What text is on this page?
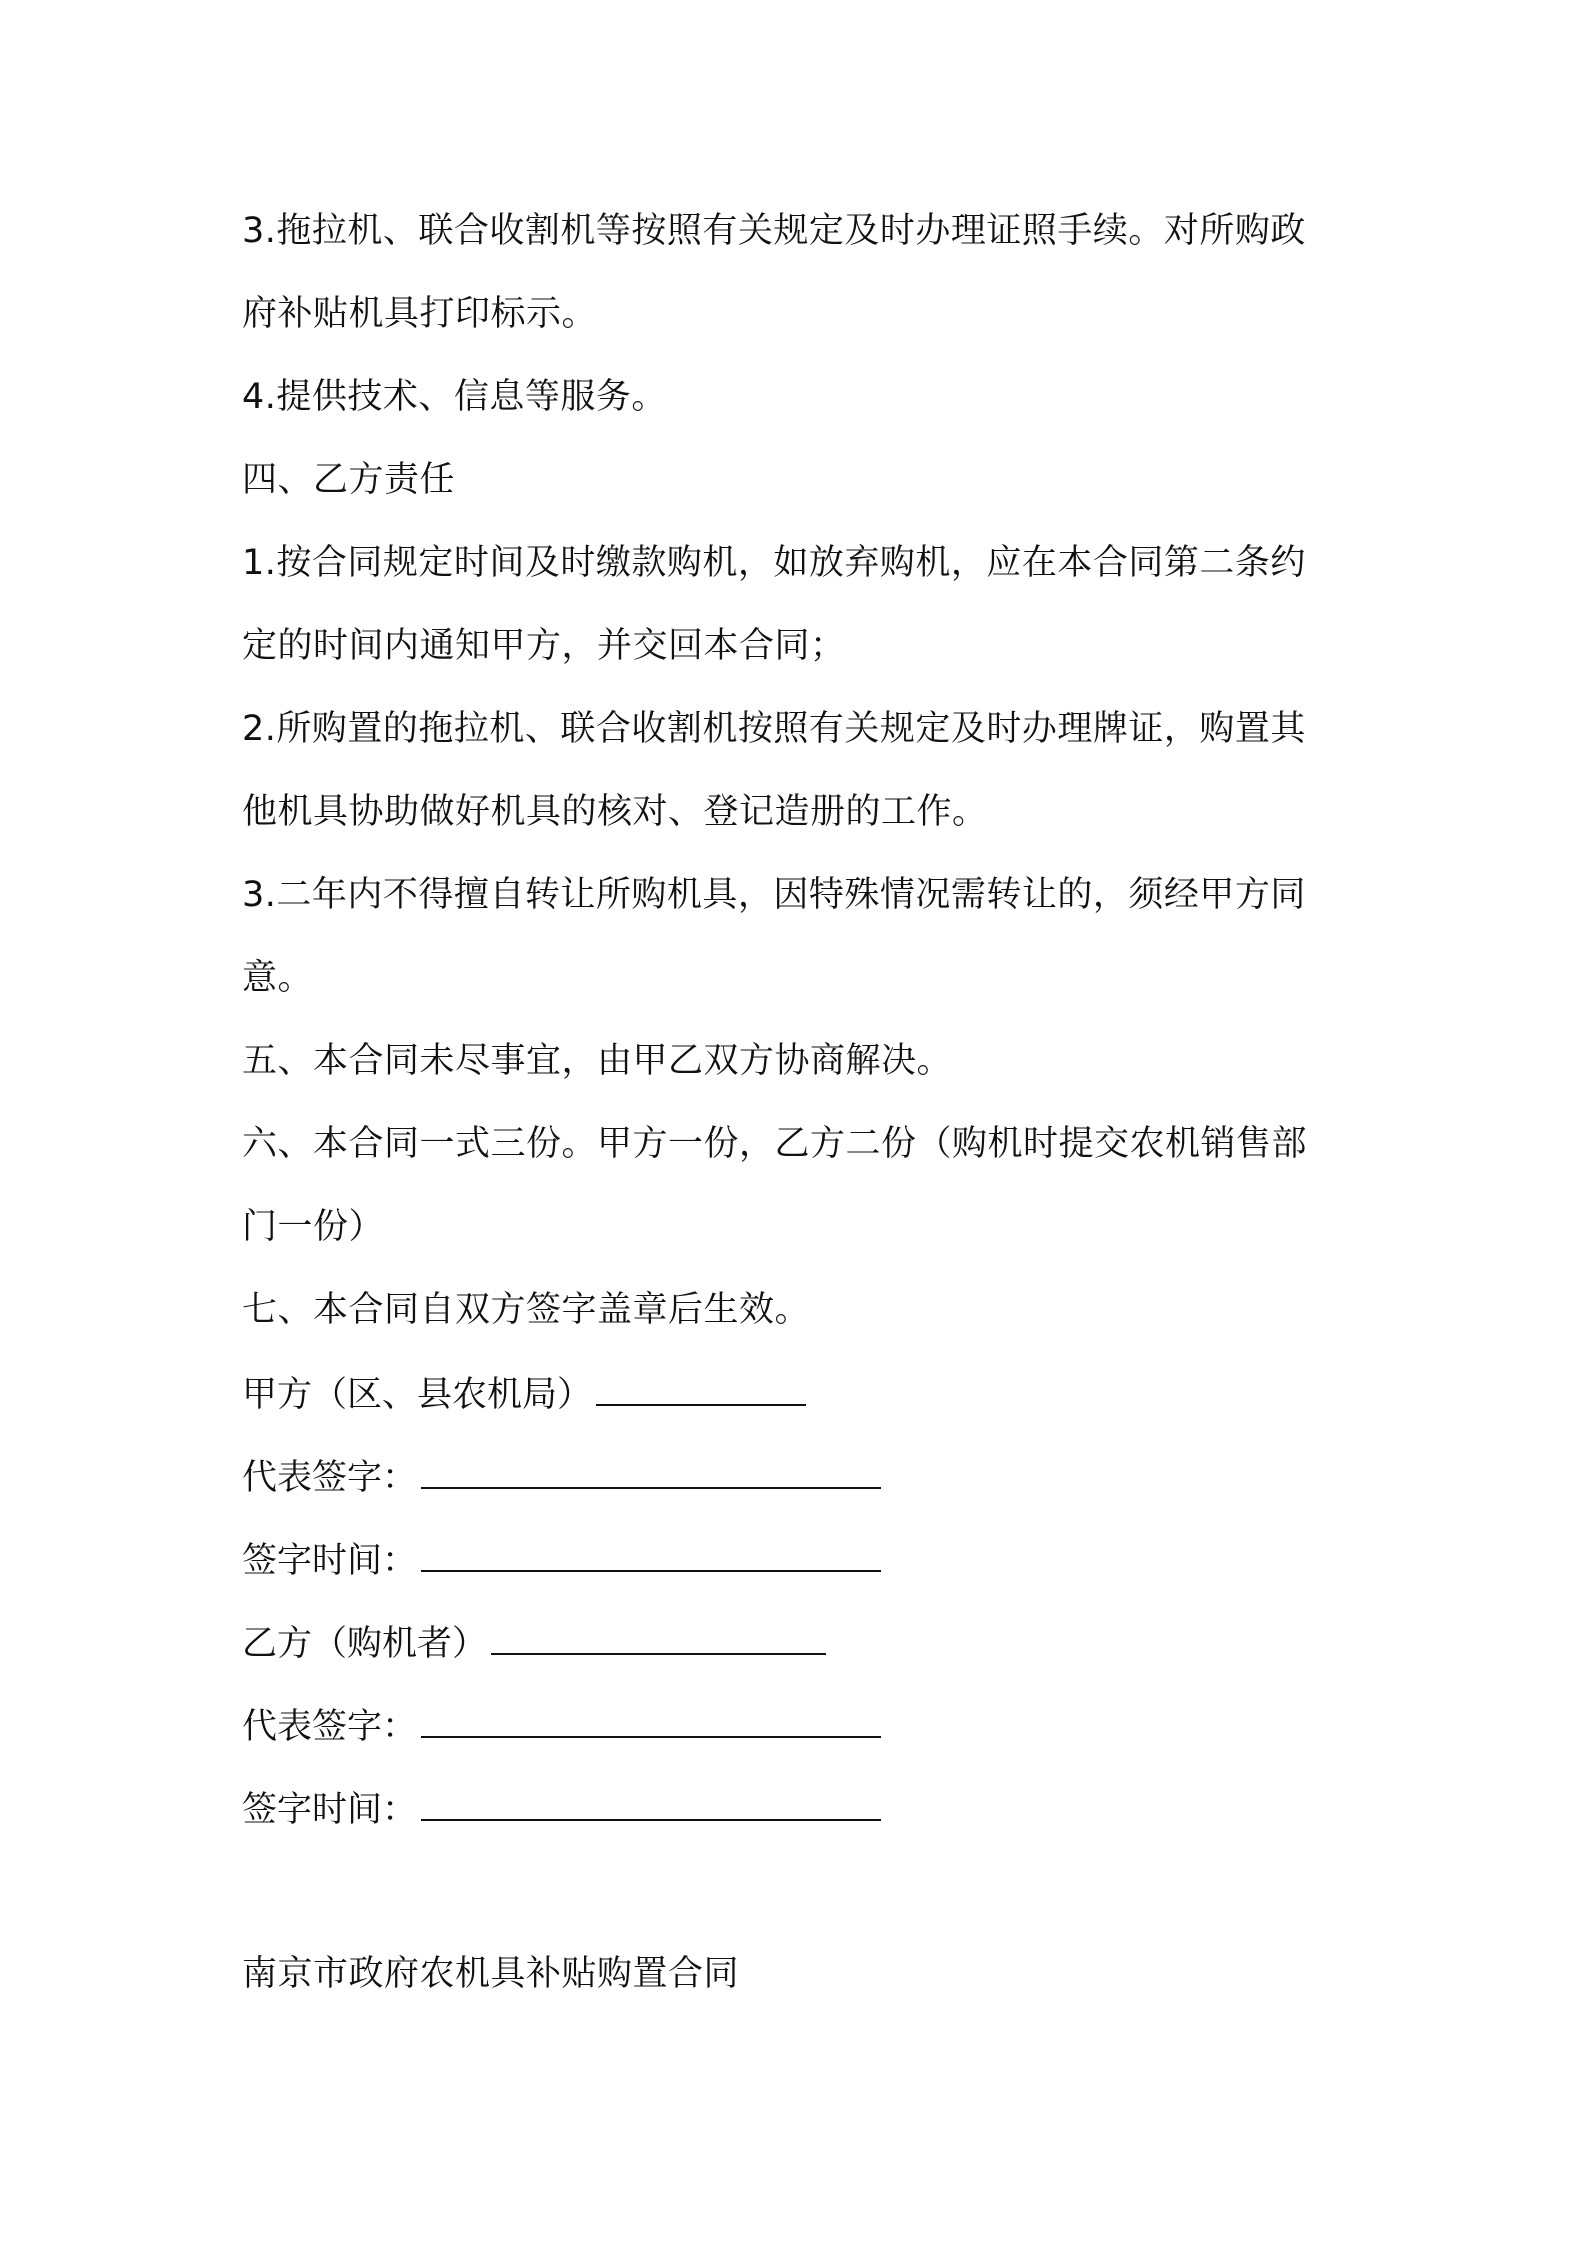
3.拖拉机、联合收割机等按照有关规定及时办理证照手续。对所购政
府补贴机具打印标示。
4.提供技术、信息等服务。
四、乙方责任
1.按合同规定时间及时缴款购机，如放弃购机，应在本合同第二条约
定的时间内通知甲方，并交回本合同；
2.所购置的拖拉机、联合收割机按照有关规定及时办理牌证，购置其
他机具协助做好机具的核对、登记造册的工作。
3.二年内不得擅自转让所购机具，因特殊情况需转让的，须经甲方同
意。
五、本合同未尽事宜，由甲乙双方协商解决。
六、本合同一式三份。甲方一份，乙方二份（购机时提交农机销售部
门一份）
七、本合同自双方签字盖章后生效。
甲方（区、县农机局）
代表签字：
签字时间：
乙方（购机者）
代表签字：
签字时间：
南京市政府农机具补贴购置合同
